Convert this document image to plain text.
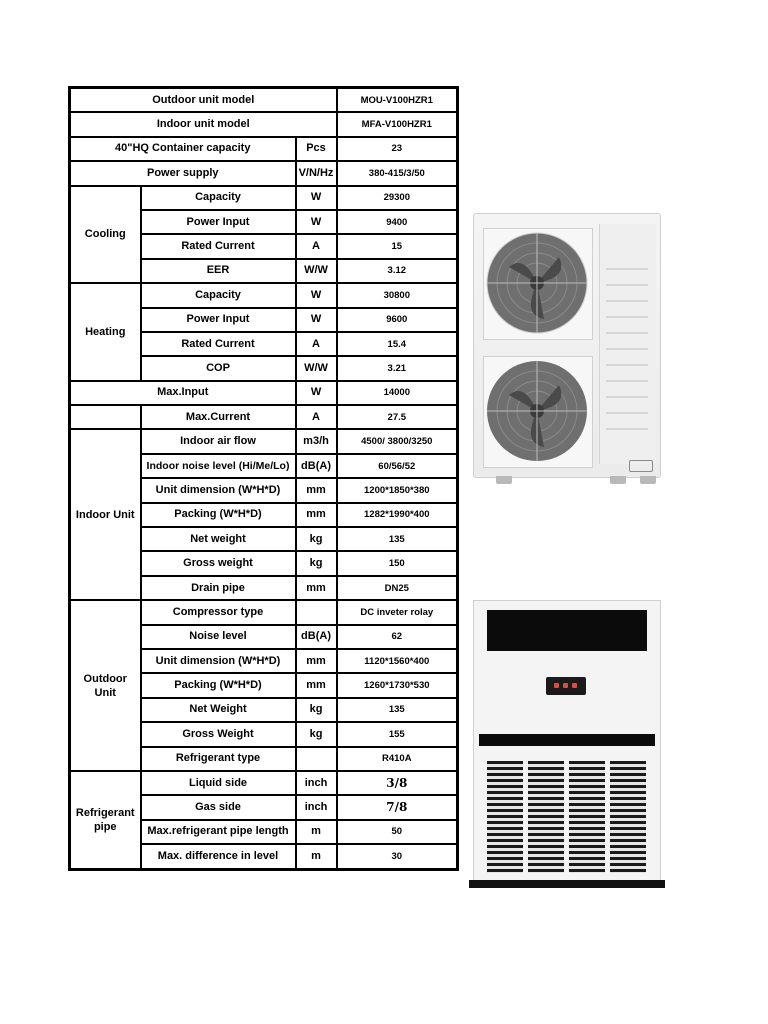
Outdoor unit model			MOU-V100HZR1
Indoor unit model			MFA-V100HZR1
40"HQ Container capacity		Pcs	23
Power supply		V/N/Hz	380-415/3/50
Cooling	Capacity	W	29300
	Power Input	W	9400
	Rated Current	A	15
	EER	W/W	3.12
Heating	Capacity	W	30800
	Power Input	W	9600
	Rated Current	A	15.4
	COP	W/W	3.21
Max.Input		W	14000
	Max.Current	A	27.5
Indoor Unit	Indoor air flow	m3/h	4500/ 3800/3250
	Indoor noise level (Hi/Me/Lo)	dB(A)	60/56/52
	Unit dimension (W*H*D)	mm	1200*1850*380
	Packing (W*H*D)	mm	1282*1990*400
	Net weight	kg	135
	Gross weight	kg	150
	Drain pipe	mm	DN25
Outdoor Unit	Compressor type		DC inveter rolay
	Noise level	dB(A)	62
	Unit dimension (W*H*D)	mm	1120*1560*400
	Packing (W*H*D)	mm	1260*1730*530
	Net Weight	kg	135
	Gross Weight	kg	155
	Refrigerant type		R410A
Refrigerant pipe	Liquid side	inch	3/8
	Gas side	inch	7/8
	Max.refrigerant pipe length	m	50
	Max. difference in level	m	30
